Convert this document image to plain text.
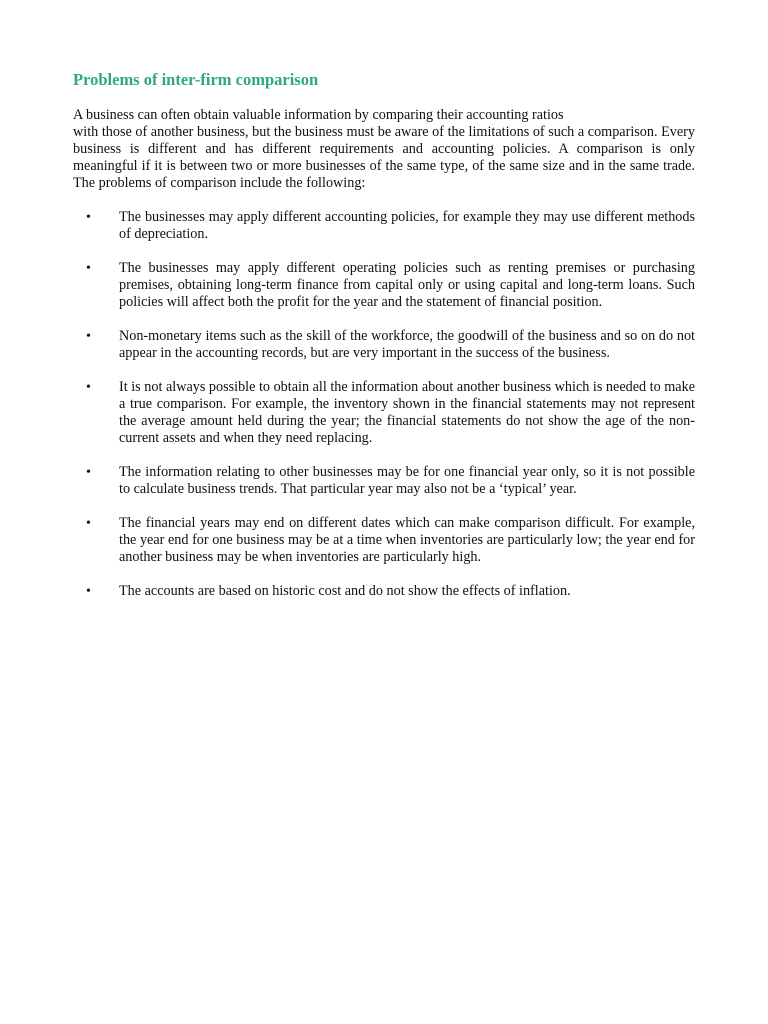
Problems of inter-firm comparison

A business can often obtain valuable information by comparing their accounting ratios
with those of another business, but the business must be aware of the limitations of such a comparison. Every business is different and has different requirements and accounting policies. A comparison is only meaningful if it is between two or more businesses of the same type, of the same size and in the same trade. The problems of comparison include the following:

• The businesses may apply different accounting policies, for example they may use different methods of depreciation.
• The businesses may apply different operating policies such as renting premises or purchasing premises, obtaining long-term finance from capital only or using capital and long-term loans. Such policies will affect both the profit for the year and the statement of financial position.
• Non-monetary items such as the skill of the workforce, the goodwill of the business and so on do not appear in the accounting records, but are very important in the success of the business.
• It is not always possible to obtain all the information about another business which is needed to make a true comparison. For example, the inventory shown in the financial statements may not represent the average amount held during the year; the financial statements do not show the age of the non-current assets and when they need replacing.
• The information relating to other businesses may be for one financial year only, so it is not possible to calculate business trends. That particular year may also not be a ‘typical’ year.
• The financial years may end on different dates which can make comparison difficult. For example, the year end for one business may be at a time when inventories are particularly low; the year end for another business may be when inventories are particularly high.
• The accounts are based on historic cost and do not show the effects of inflation.
